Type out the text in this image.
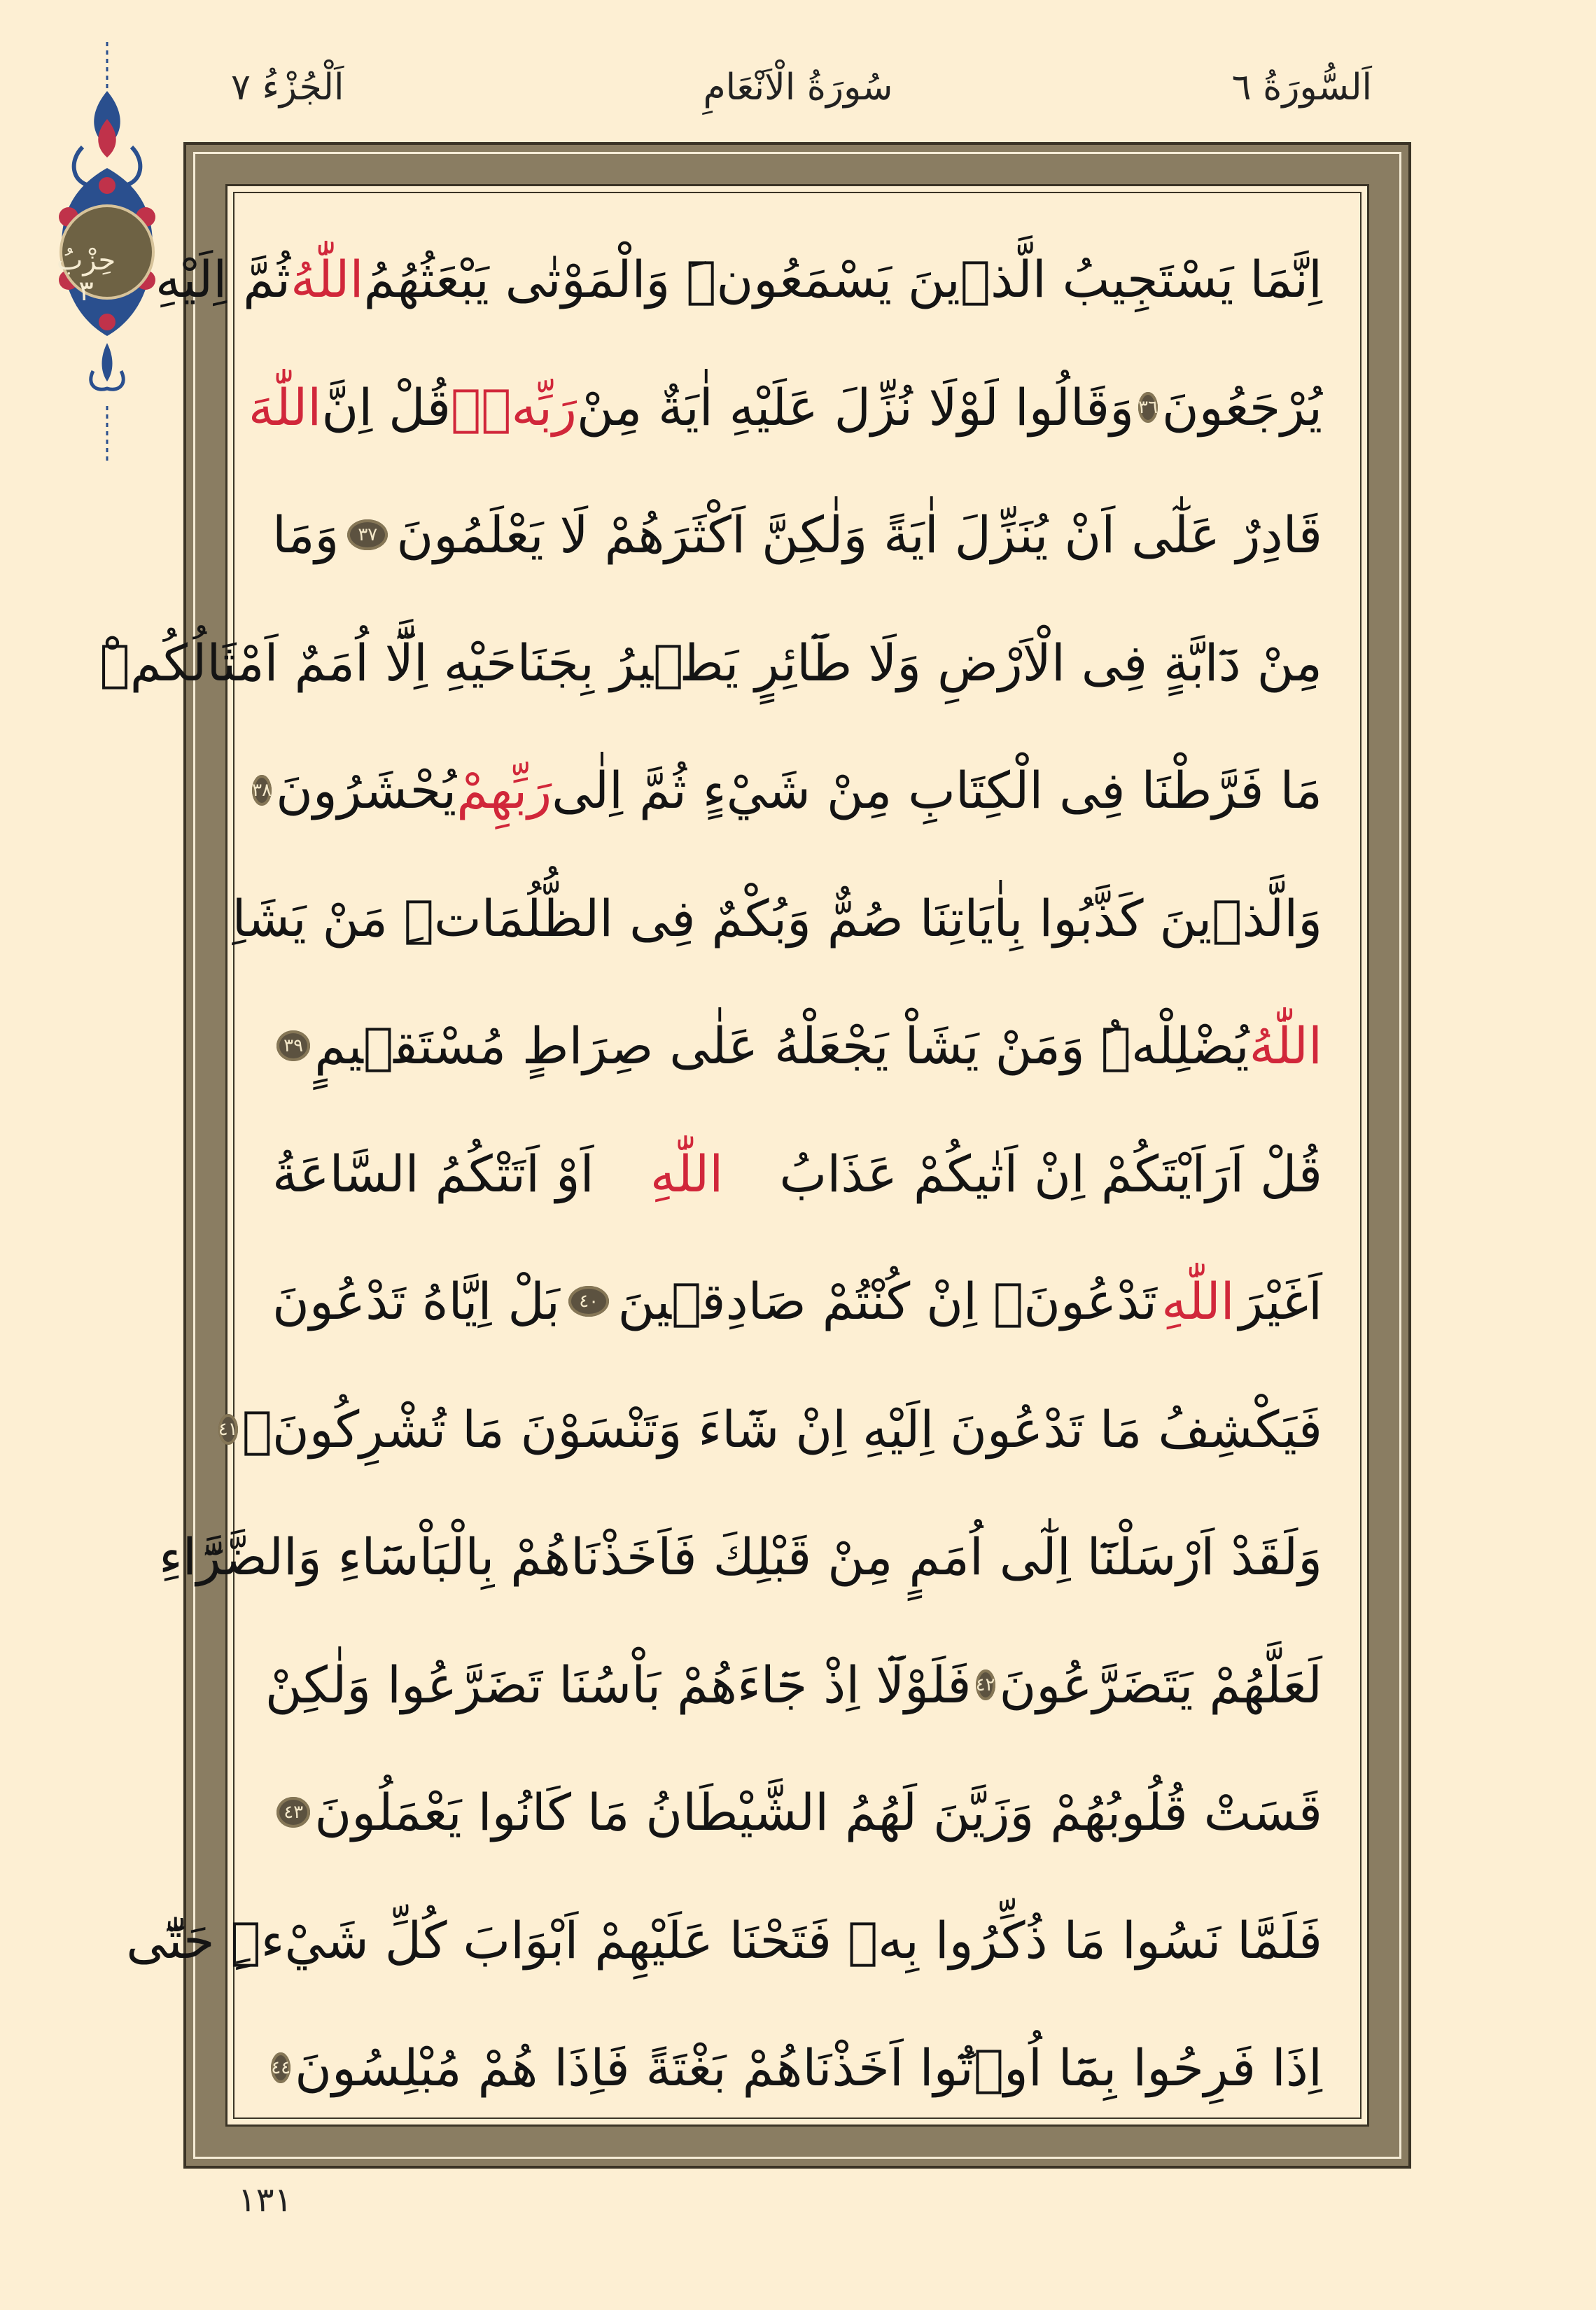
اَلْجُزْءُ ٧	سُورَةُ الْاَنْعَامِ	اَلسُّورَةُ ٦
حِزْبُ
٣	اِنَّمَا يَسْتَجِيبُ الَّذ۪ينَ يَسْمَعُونَۜ وَالْمَوْتٰى يَبْعَثُهُمُ
اللّٰهُ
ثُمَّ اِلَيْهِ
يُرْجَعُونَ
٣٦
وَقَالُوا لَوْلَا نُزِّلَ عَلَيْهِ اٰيَةٌ مِنْ
رَبِّه۪ۜ
قُلْ اِنَّ
اللّٰهَ
قَادِرٌ عَلٰٓى اَنْ يُنَزِّلَ اٰيَةً وَلٰكِنَّ اَكْثَرَهُمْ لَا يَعْلَمُونَ
٣٧
وَمَا
مِنْ دَٓابَّةٍ فِى الْاَرْضِ وَلَا طَٓائِرٍ يَط۪يرُ بِجَنَاحَيْهِ اِلَّٓا اُمَمٌ اَمْثَالُكُمْۜ
مَا فَرَّطْنَا فِى الْكِتَابِ مِنْ شَيْءٍ ثُمَّ اِلٰى
رَبِّهِمْ
يُحْشَرُونَ
٣٨
وَالَّذ۪ينَ كَذَّبُوا بِاٰيَاتِنَا صُمٌّ وَبُكْمٌ فِى الظُّلُمَاتِۜ مَنْ يَشَاِ
اللّٰهُ
يُضْلِلْهُۜ وَمَنْ يَشَاْ يَجْعَلْهُ عَلٰى صِرَاطٍ مُسْتَق۪يمٍ
٣٩
قُلْ اَرَاَيْتَكُمْ اِنْ اَتٰيكُمْ عَذَابُ
اللّٰهِ
اَوْ اَتَتْكُمُ السَّاعَةُ
اَغَيْرَ
اللّٰهِ
تَدْعُونَۚ اِنْ كُنْتُمْ صَادِق۪ينَ
٤٠
بَلْ اِيَّاهُ تَدْعُونَ
فَيَكْشِفُ مَا تَدْعُونَ اِلَيْهِ اِنْ شَٓاءَ وَتَنْسَوْنَ مَا تُشْرِكُونَ۟
٤١
وَلَقَدْ اَرْسَلْنَٓا اِلٰٓى اُمَمٍ مِنْ قَبْلِكَ فَاَخَذْنَاهُمْ بِالْبَاْسَٓاءِ وَالضَّرَّٓاءِ
لَعَلَّهُمْ يَتَضَرَّعُونَ
٤٢
فَلَوْلَٓا اِذْ جَٓاءَهُمْ بَاْسُنَا تَضَرَّعُوا وَلٰكِنْ
قَسَتْ قُلُوبُهُمْ وَزَيَّنَ لَهُمُ الشَّيْطَانُ مَا كَانُوا يَعْمَلُونَ
٤٣
فَلَمَّا نَسُوا مَا ذُكِّرُوا بِه۪ فَتَحْنَا عَلَيْهِمْ اَبْوَابَ كُلِّ شَيْءٍۜ حَتّٰٓى
اِذَا فَرِحُوا بِمَٓا اُو۫تُٓوا اَخَذْنَاهُمْ بَغْتَةً فَاِذَا هُمْ مُبْلِسُونَ
٤٤
١٣١
